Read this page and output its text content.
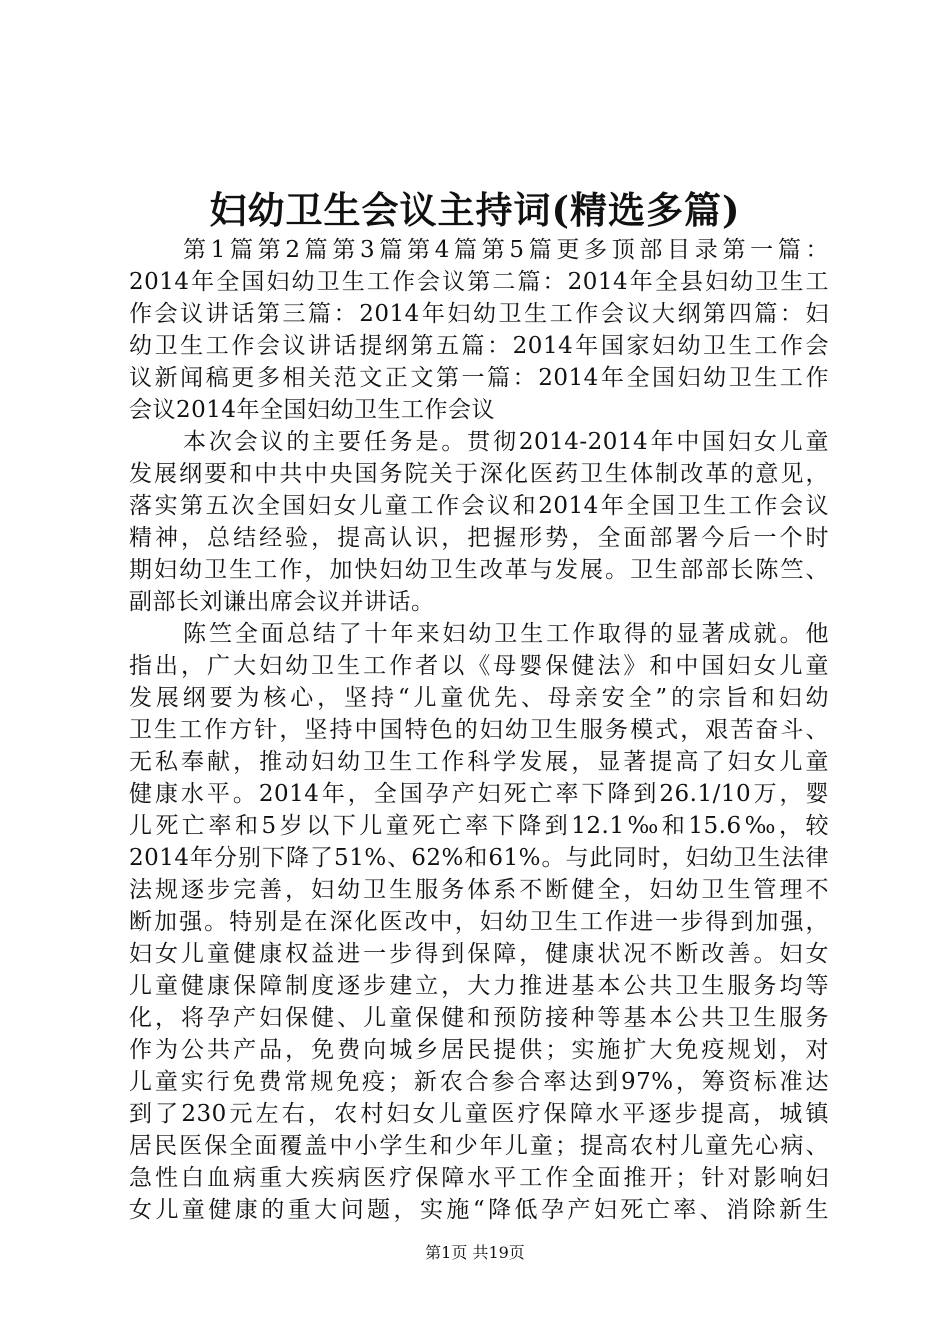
妇幼卫生会议主持词(精选多篇)
第1篇第2篇第3篇第4篇第5篇更多顶部目录第一篇：
2014年全国妇幼卫生工作会议第二篇：2014年全县妇幼卫生工
作会议讲话第三篇：2014年妇幼卫生工作会议大纲第四篇：妇
幼卫生工作会议讲话提纲第五篇：2014年国家妇幼卫生工作会
议新闻稿更多相关范文正文第一篇：2014年全国妇幼卫生工作
会议2014年全国妇幼卫生工作会议
本次会议的主要任务是。贯彻2014-2014年中国妇女儿童
发展纲要和中共中央国务院关于深化医药卫生体制改革的意见，
落实第五次全国妇女儿童工作会议和2014年全国卫生工作会议
精神，总结经验，提高认识，把握形势，全面部署今后一个时
期妇幼卫生工作，加快妇幼卫生改革与发展。卫生部部长陈竺、
副部长刘谦出席会议并讲话。
陈竺全面总结了十年来妇幼卫生工作取得的显著成就。他
指出，广大妇幼卫生工作者以《母婴保健法》和中国妇女儿童
发展纲要为核心，坚持“儿童优先、母亲安全”的宗旨和妇幼
卫生工作方针，坚持中国特色的妇幼卫生服务模式，艰苦奋斗、
无私奉献，推动妇幼卫生工作科学发展，显著提高了妇女儿童
健康水平。2014年，全国孕产妇死亡率下降到26.1/10万，婴
儿死亡率和5岁以下儿童死亡率下降到12.1‰和15.6‰，较
2014年分别下降了51%、62%和61%。与此同时，妇幼卫生法律
法规逐步完善，妇幼卫生服务体系不断健全，妇幼卫生管理不
断加强。特别是在深化医改中，妇幼卫生工作进一步得到加强，
妇女儿童健康权益进一步得到保障，健康状况不断改善。妇女
儿童健康保障制度逐步建立，大力推进基本公共卫生服务均等
化，将孕产妇保健、儿童保健和预防接种等基本公共卫生服务
作为公共产品，免费向城乡居民提供；实施扩大免疫规划，对
儿童实行免费常规免疫；新农合参合率达到97%，筹资标准达
到了230元左右，农村妇女儿童医疗保障水平逐步提高，城镇
居民医保全面覆盖中小学生和少年儿童；提高农村儿童先心病、
急性白血病重大疾病医疗保障水平工作全面推开；针对影响妇
女儿童健康的重大问题，实施“降低孕产妇死亡率、消除新生
第1页 共19页
